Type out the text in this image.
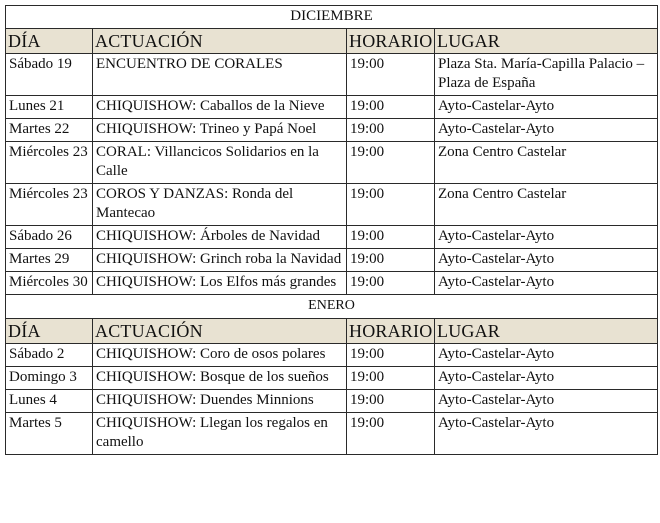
DICIEMBRE			
DÍA	ACTUACIÓN	HORARIO	LUGAR
Sábado 19	ENCUENTRO DE CORALES	19:00	Plaza Sta. María-Capilla Palacio – Plaza de España
Lunes 21	CHIQUISHOW: Caballos de la Nieve	19:00	Ayto-Castelar-Ayto
Martes 22	CHIQUISHOW: Trineo y Papá Noel	19:00	Ayto-Castelar-Ayto
Miércoles 23	CORAL: Villancicos Solidarios en la Calle	19:00	Zona Centro Castelar
Miércoles 23	COROS Y DANZAS: Ronda del Mantecao	19:00	Zona Centro Castelar
Sábado 26	CHIQUISHOW: Árboles de Navidad	19:00	Ayto-Castelar-Ayto
Martes 29	CHIQUISHOW: Grinch roba la Navidad	19:00	Ayto-Castelar-Ayto
Miércoles 30	CHIQUISHOW: Los Elfos más grandes	19:00	Ayto-Castelar-Ayto
ENERO			
DÍA	ACTUACIÓN	HORARIO	LUGAR
Sábado 2	CHIQUISHOW: Coro de osos polares	19:00	Ayto-Castelar-Ayto
Domingo 3	CHIQUISHOW: Bosque de los sueños	19:00	Ayto-Castelar-Ayto
Lunes 4	CHIQUISHOW: Duendes Minnions	19:00	Ayto-Castelar-Ayto
Martes 5	CHIQUISHOW: Llegan los regalos en camello	19:00	Ayto-Castelar-Ayto
